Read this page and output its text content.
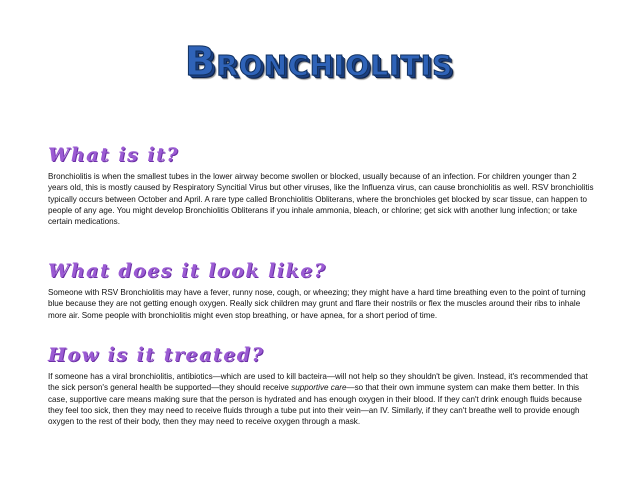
Bronchiolitis
What is it?

Bronchiolitis is when the smallest tubes in the lower airway become swollen or blocked, usually because of an infection. For children younger than 2 years old, this is mostly caused by Respiratory Syncitial Virus but other viruses, like the Influenza virus, can cause bronchiolitis as well. RSV bronchiolitis typically occurs between October and April. A rare type called Bronchiolitis Obliterans, where the bronchioles get blocked by scar tissue, can happen to people of any age. You might develop Bronchiolitis Obliterans if you inhale ammonia, bleach, or chlorine; get sick with another lung infection; or take certain medications.

What does it look like?

Someone with RSV Bronchiolitis may have a fever, runny nose, cough, or wheezing; they might have a hard time breathing even to the point of turning blue because they are not getting enough oxygen. Really sick children may grunt and flare their nostrils or flex the muscles around their ribs to inhale more air. Some people with bronchiolitis might even stop breathing, or have apnea, for a short period of time.

How is it treated?

If someone has a viral bronchiolitis, antibiotics—which are used to kill bacteira—will not help so they shouldn't be given. Instead, it's recommended that the sick person's general health be supported—they should receive supportive care—so that their own immune system can make them better. In this case, supportive care means making sure that the person is hydrated and has enough oxygen in their blood. If they can't drink enough fluids because they feel too sick, then they may need to receive fluids through a tube put into their vein—an IV. Similarly, if they can't breathe well to provide enough oxygen to the rest of their body, then they may need to receive oxygen through a mask.
